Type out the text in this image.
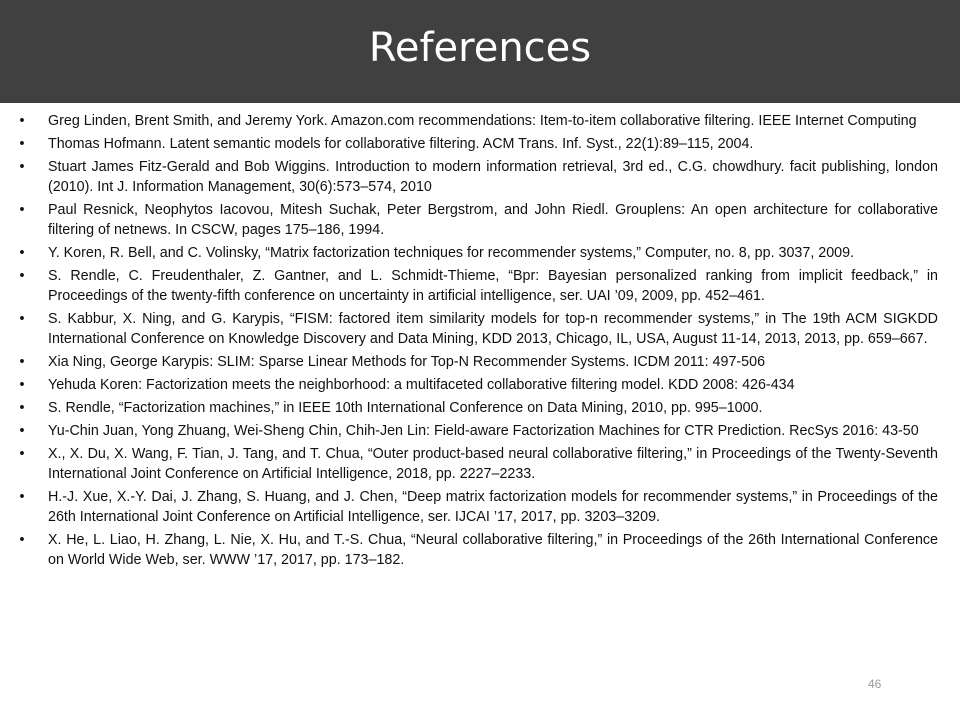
References
• Greg Linden, Brent Smith, and Jeremy York. Amazon.com recommendations: Item-to-item collaborative filtering. IEEE Internet Computing
• Thomas Hofmann. Latent semantic models for collaborative filtering. ACM Trans. Inf. Syst., 22(1):89–115, 2004.
• Stuart James Fitz-Gerald and Bob Wiggins. Introduction to modern information retrieval, 3rd ed., C.G. chowdhury. facit publishing, london (2010). Int J. Information Management, 30(6):573–574, 2010
• Paul Resnick, Neophytos Iacovou, Mitesh Suchak, Peter Bergstrom, and John Riedl. Grouplens: An open architecture for collaborative filtering of netnews. In CSCW, pages 175–186, 1994.
• Y. Koren, R. Bell, and C. Volinsky, “Matrix factorization techniques for recommender systems,” Computer, no. 8, pp. 3037, 2009.
• S. Rendle, C. Freudenthaler, Z. Gantner, and L. Schmidt-Thieme, “Bpr: Bayesian personalized ranking from implicit feedback,” in Proceedings of the twenty-fifth conference on uncertainty in artificial intelligence, ser. UAI ’09, 2009, pp. 452–461.
• S. Kabbur, X. Ning, and G. Karypis, “FISM: factored item similarity models for top-n recommender systems,” in The 19th ACM SIGKDD International Conference on Knowledge Discovery and Data Mining, KDD 2013, Chicago, IL, USA, August 11-14, 2013, 2013, pp. 659–667.
• Xia Ning, George Karypis: SLIM: Sparse Linear Methods for Top-N Recommender Systems. ICDM 2011: 497-506
• Yehuda Koren: Factorization meets the neighborhood: a multifaceted collaborative filtering model. KDD 2008: 426-434
• S. Rendle, “Factorization machines,” in IEEE 10th International Conference on Data Mining, 2010, pp. 995–1000.
• Yu-Chin Juan, Yong Zhuang, Wei-Sheng Chin, Chih-Jen Lin: Field-aware Factorization Machines for CTR Prediction. RecSys 2016: 43-50
• X., X. Du, X. Wang, F. Tian, J. Tang, and T. Chua, “Outer product-based neural collaborative filtering,” in Proceedings of the Twenty-Seventh International Joint Conference on Artificial Intelligence, 2018, pp. 2227–2233.
• H.-J. Xue, X.-Y. Dai, J. Zhang, S. Huang, and J. Chen, “Deep matrix factorization models for recommender systems,” in Proceedings of the 26th International Joint Conference on Artificial Intelligence, ser. IJCAI ’17, 2017, pp. 3203–3209.
• X. He, L. Liao, H. Zhang, L. Nie, X. Hu, and T.-S. Chua, “Neural collaborative filtering,” in Proceedings of the 26th International Conference on World Wide Web, ser. WWW ’17, 2017, pp. 173–182.
46
